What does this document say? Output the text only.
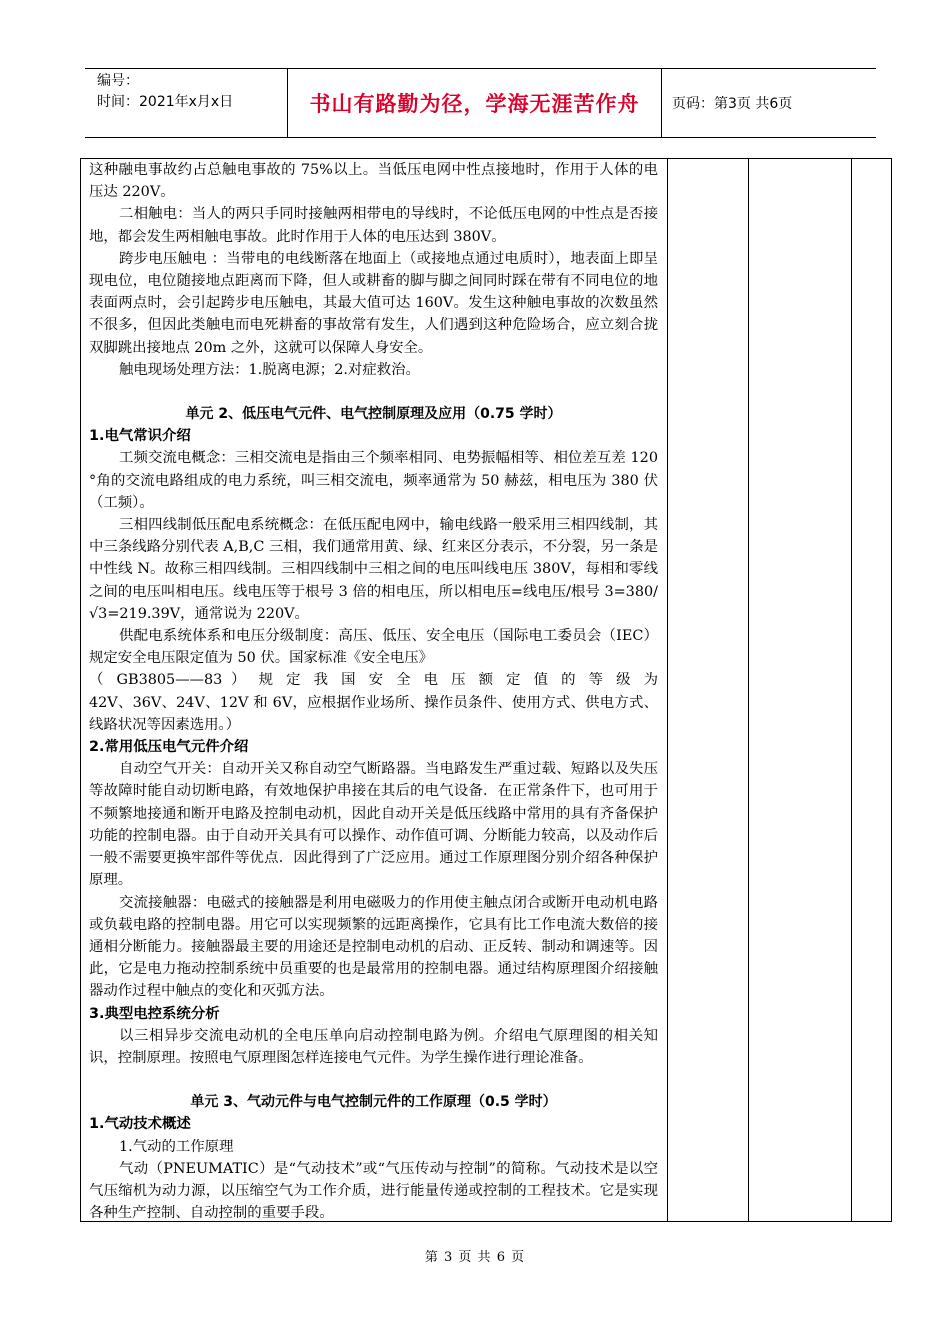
编号：
时间：2021年x月x日	书山有路勤为径，学海无涯苦作舟	页码：第3页 共6页

这种融电事故约占总触电事故的 75%以上。当低压电网中性点接地时，作用于人体的电压达 220V。

二相触电：当人的两只手同时接触两相带电的导线时，不论低压电网的中性点是否接地，都会发生两相触电事故。此时作用于人体的电压达到 380V。

跨步电压触电 ：当带电的电线断落在地面上（或接地点通过电质时），地表面上即呈现电位，电位随接地点距离而下降，但人或耕畜的脚与脚之间同时踩在带有不同电位的地表面两点时，会引起跨步电压触电，其最大值可达 160V。发生这种触电事故的次数虽然不很多，但因此类触电而电死耕畜的事故常有发生，人们遇到这种危险场合，应立刻合拢双脚跳出接地点 20m 之外，这就可以保障人身安全。

触电现场处理方法：1.脱离电源；2.对症救治。

单元 2、低压电气元件、电气控制原理及应用（0.75 学时）

1.电气常识介绍

工频交流电概念：三相交流电是指由三个频率相同、电势振幅相等、相位差互差 120 °角的交流电路组成的电力系统，叫三相交流电，频率通常为 50 赫兹，相电压为 380 伏（工频）。

三相四线制低压配电系统概念：在低压配电网中，输电线路一般采用三相四线制，其中三条线路分别代表 A,B,C 三相，我们通常用黄、绿、红来区分表示，不分裂，另一条是中性线 N。故称三相四线制。三相四线制中三相之间的电压叫线电压 380V，每相和零线之间的电压叫相电压。线电压等于根号 3 倍的相电压，所以相电压=线电压/根号 3=380/√3=219.39V，通常说为 220V。

供配电系统体系和电压分级制度：高压、低压、安全电压（国际电工委员会（IEC）规定安全电压限定值为 50 伏。国家标准《安全电压》

（ GB3805——83 ） 规 定 我 国 安 全 电 压 额 定 值 的 等 级 为

42V、36V、24V、12V 和 6V，应根据作业场所、操作员条件、使用方式、供电方式、线路状况等因素选用。）

2.常用低压电气元件介绍

自动空气开关：自动开关又称自动空气断路器。当电路发生严重过载、短路以及失压等故障时能自动切断电路，有效地保护串接在其后的电气设备．在正常条件下，也可用于不频繁地接通和断开电路及控制电动机，因此自动开关是低压线路中常用的具有齐备保护功能的控制电器。由于自动开关具有可以操作、动作值可调、分断能力较高，以及动作后一般不需要更换牢部件等优点．因此得到了广泛应用。通过工作原理图分别介绍各种保护原理。

交流接触器：电磁式的接触器是利用电磁吸力的作用使主触点闭合或断开电动机电路或负载电路的控制电器。用它可以实现频繁的远距离操作，它具有比工作电流大数倍的接通相分断能力。接触器最主要的用途还是控制电动机的启动、正反转、制动和调速等。因此，它是电力拖动控制系统中员重要的也是最常用的控制电器。通过结构原理图介绍接触器动作过程中触点的变化和灭弧方法。

3.典型电控系统分析

以三相异步交流电动机的全电压单向启动控制电路为例。介绍电气原理图的相关知识，控制原理。按照电气原理图怎样连接电气元件。为学生操作进行理论准备。

单元 3、气动元件与电气控制元件的工作原理（0.5 学时）

1.气动技术概述

1.气动的工作原理

气动（PNEUMATIC）是“气动技术”或“气压传动与控制”的简称。气动技术是以空气压缩机为动力源，以压缩空气为工作介质，进行能量传递或控制的工程技术。它是实现各种生产控制、自动控制的重要手段。

第 3 页 共 6 页
